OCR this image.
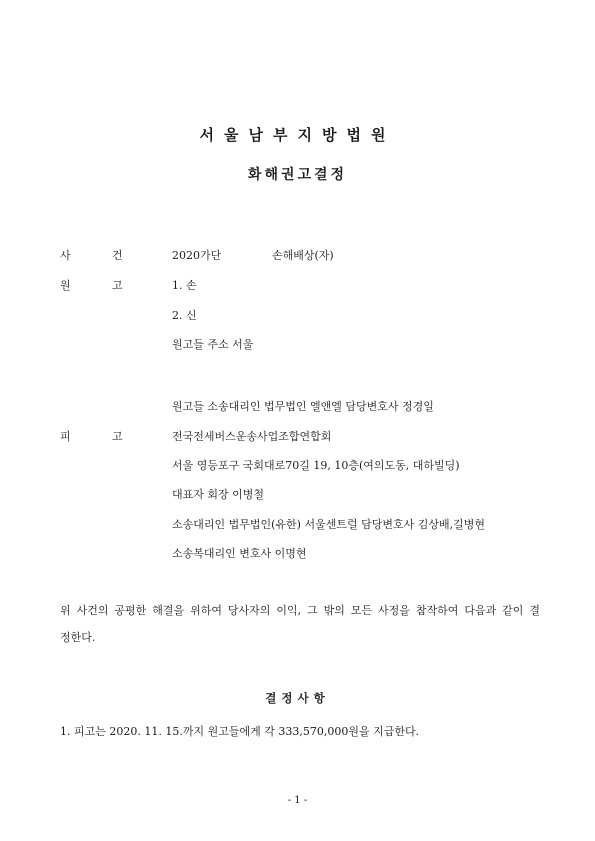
서울남부지방법원
화해권고결정
사	건	2020가단	손해배상(자)
원	고	1. 손
2. 신
원고들 주소 서울
원고들 소송대리인 법무법인 엘앤엘 담당변호사 정경일
피	고	전국전세버스운송사업조합연합회
서울 영등포구 국회대로70길 19, 10층(여의도동, 대하빌딩)
대표자 회장 이병철
소송대리인 법무법인(유한) 서울센트럴 담당변호사 김상배,길병현
소송복대리인 변호사 이명현
위 사건의 공평한 해결을 위하여 당사자의 이익, 그 밖의 모든 사정을 참작하여 다음과 같이 결정한다.
결정사항
1. 피고는 2020. 11. 15.까지 원고들에게 각 333,570,000원을 지급한다.
- 1 -
